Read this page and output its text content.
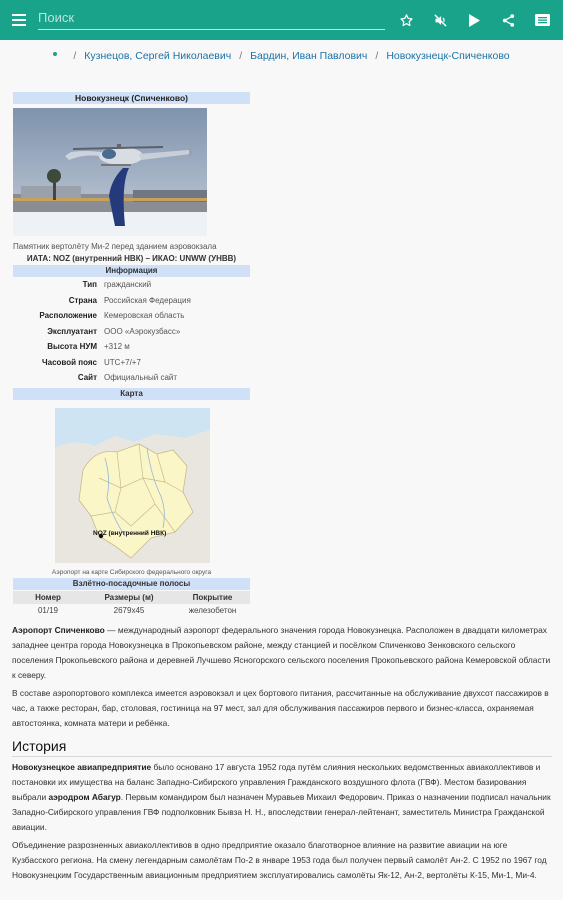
Поиск
/ Кузнецов, Сергей Николаевич / Бардин, Иван Павлович / Новокузнецк-Спиченково
Новокузнецк (Спиченково)
Памятник вертолёту Ми-2 перед зданием аэровокзала
ИАТА: NOZ (внутренний НВК) – ИКАО: UNWW (УНВВ)
Информация
Тип гражданский
Страна Российская Федерация
Расположение Кемеровская область
Эксплуатант ООО «Аэрокузбасс»
Высота НУМ +312 м
Часовой пояс UTC+7/+7
Сайт Официальный сайт
Карта
NOZ (внутренний НВК)
Аэропорт на карте Сибирского федерального округа
Взлётно-посадочные полосы
Номер	Размеры (м)	Покрытие
01/19	2679x45	железобетон
Аэропорт Спиченково — международный аэропорт федерального значения города Новокузнецка. Расположен в двадцати километрах западнее центра города Новокузнецка в Прокопьевском районе, между станцией и посёлком Спиченково Зенковского сельского поселения Прокопьевского района и деревней Лучшево Ясногорского сельского поселения Прокопьевского района Кемеровской области к северу.
В составе аэропортового комплекса имеется аэровокзал и цех бортового питания, рассчитанные на обслуживание двухсот пассажиров в час, а также ресторан, бар, столовая, гостиница на 97 мест, зал для обслуживания пассажиров первого и бизнес-класса, охраняемая автостоянка, комната матери и ребёнка.
История
Новокузнецкое авиапредприятие было основано 17 августа 1952 года путём слияния нескольких ведомственных авиаколлективов и постановки их имущества на баланс Западно-Сибирского управления Гражданского воздушного флота (ГВФ). Местом базирования выбрали аэродром Абагур. Первым командиром был назначен Муравьев Михаил Федорович. Приказ о назначении подписал начальник Западно-Сибирского управления ГВФ подполковник Бывза Н. Н., впоследствии генерал-лейтенант, заместитель Министра Гражданской авиации.
Объединение разрозненных авиаколлективов в одно предприятие оказало благотворное влияние на развитие авиации на юге Кузбасского региона. На смену легендарным самолётам По-2 в январе 1953 года был получен первый самолёт Ан-2. С 1952 по 1967 год Новокузнецким Государственным авиационным предприятием эксплуатировались самолёты Як-12, Ан-2, вертолёты К-15, Ми-1, Ми-4.
